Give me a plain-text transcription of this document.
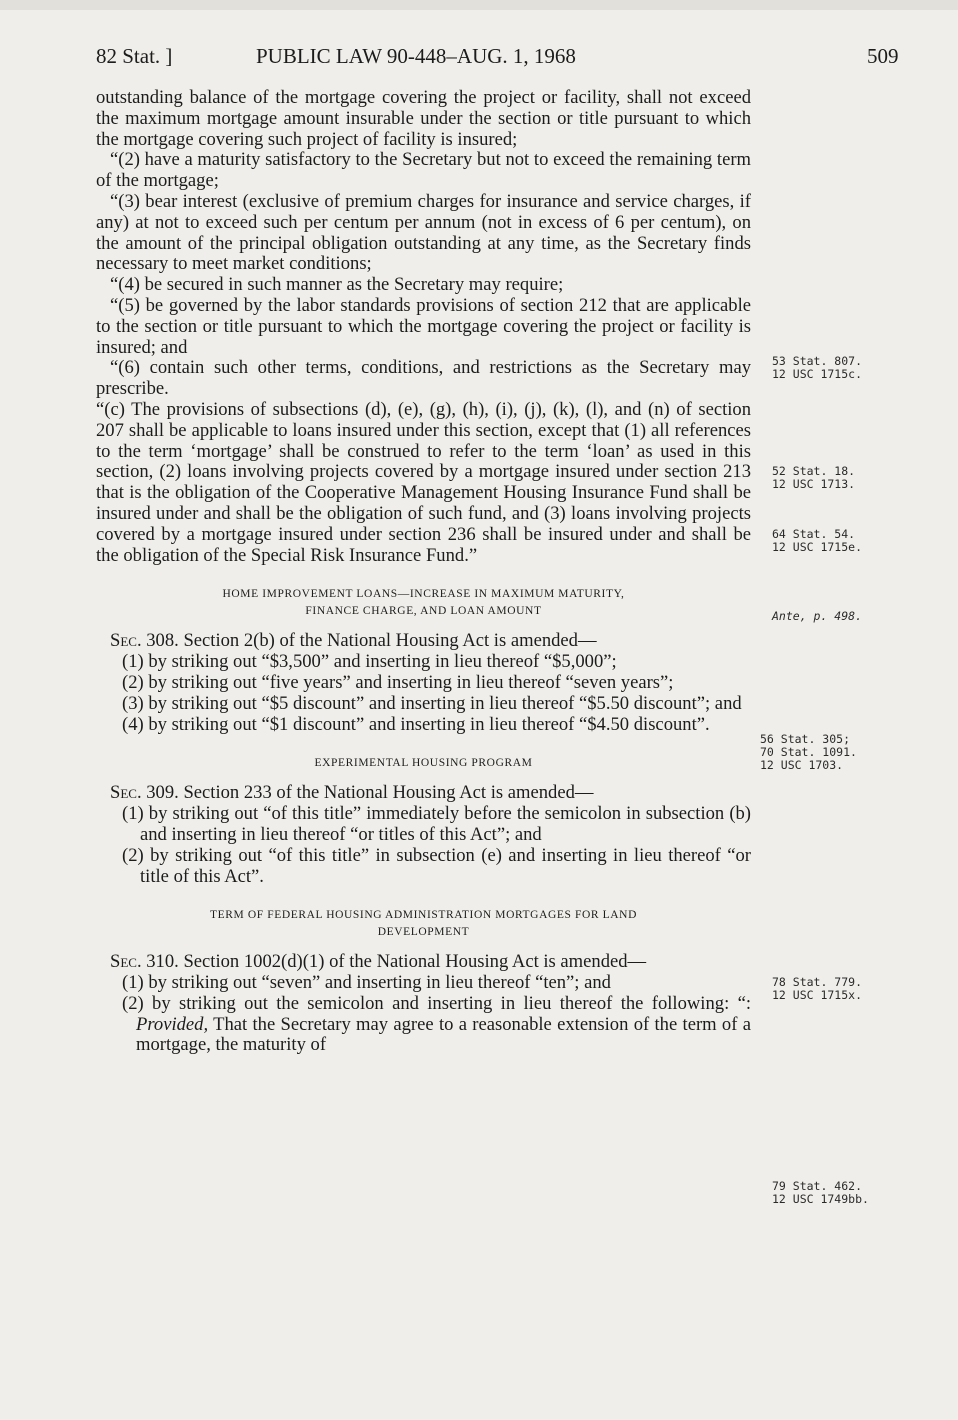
82 Stat. ]	PUBLIC LAW 90-448–AUG. 1, 1968	509

outstanding balance of the mortgage covering the project or facility, shall not exceed the maximum mortgage amount insurable under the section or title pursuant to which the mortgage covering such project of facility is insured;

“(2) have a maturity satisfactory to the Secretary but not to exceed the remaining term of the mortgage;

“(3) bear interest (exclusive of premium charges for insurance and service charges, if any) at not to exceed such per centum per annum (not in excess of 6 per centum), on the amount of the principal obligation outstanding at any time, as the Secretary finds necessary to meet market conditions;

“(4) be secured in such manner as the Secretary may require;

“(5) be governed by the labor standards provisions of section 212 that are applicable to the section or title pursuant to which the mortgage covering the project or facility is insured; and

“(6) contain such other terms, conditions, and restrictions as the Secretary may prescribe.

“(c) The provisions of subsections (d), (e), (g), (h), (i), (j), (k), (l), and (n) of section 207 shall be applicable to loans insured under this section, except that (1) all references to the term ‘mortgage’ shall be construed to refer to the term ‘loan’ as used in this section, (2) loans involving projects covered by a mortgage insured under section 213 that is the obligation of the Cooperative Management Housing Insurance Fund shall be insured under and shall be the obligation of such fund, and (3) loans involving projects covered by a mortgage insured under section 236 shall be insured under and shall be the obligation of the Special Risk Insurance Fund.”

HOME IMPROVEMENT LOANS—INCREASE IN MAXIMUM MATURITY,
FINANCE CHARGE, AND LOAN AMOUNT

Sec. 308. Section 2(b) of the National Housing Act is amended—

(1) by striking out “$3,500” and inserting in lieu thereof “$5,000”;

(2) by striking out “five years” and inserting in lieu thereof “seven years”;

(3) by striking out “$5 discount” and inserting in lieu thereof “$5.50 discount”; and

(4) by striking out “$1 discount” and inserting in lieu thereof “$4.50 discount”.

EXPERIMENTAL HOUSING PROGRAM

Sec. 309. Section 233 of the National Housing Act is amended—

(1) by striking out “of this title” immediately before the semicolon in subsection (b) and inserting in lieu thereof “or titles of this Act”; and

(2) by striking out “of this title” in subsection (e) and inserting in lieu thereof “or title of this Act”.

TERM OF FEDERAL HOUSING ADMINISTRATION MORTGAGES FOR LAND
DEVELOPMENT

Sec. 310. Section 1002(d)(1) of the National Housing Act is amended—

(1) by striking out “seven” and inserting in lieu thereof “ten”; and

(2) by striking out the semicolon and inserting in lieu thereof the following: “: Provided, That the Secretary may agree to a reasonable extension of the term of a mortgage, the maturity of

53 Stat. 807.
12 USC 1715c.
52 Stat. 18.
12 USC 1713.
64 Stat. 54.
12 USC 1715e.
Ante, p. 498.
56 Stat. 305;
70 Stat. 1091.
12 USC 1703.
78 Stat. 779.
12 USC 1715x.
79 Stat. 462.
12 USC 1749bb.
